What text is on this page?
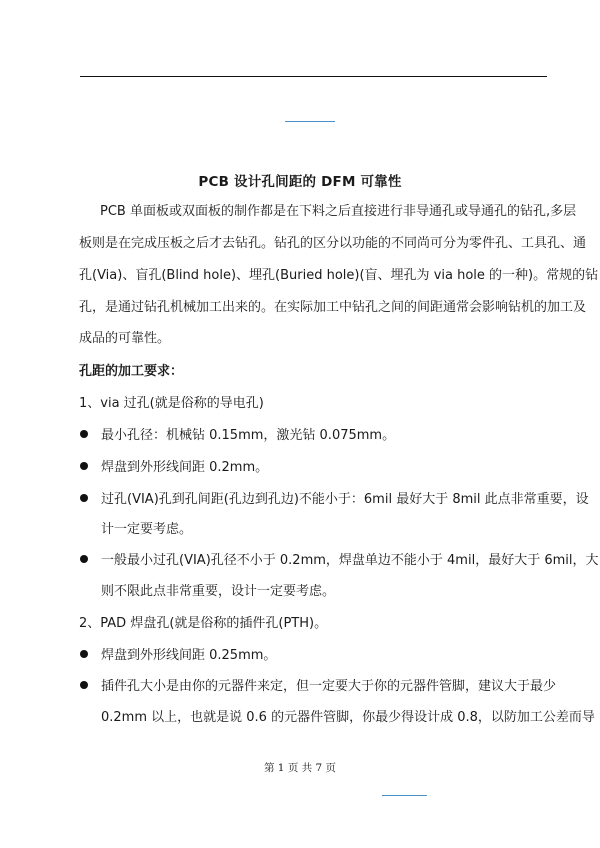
PCB 设计孔间距的 DFM 可靠性
PCB 单面板或双面板的制作都是在下料之后直接进行非导通孔或导通孔的钻孔,多层
板则是在完成压板之后才去钻孔。钻孔的区分以功能的不同尚可分为零件孔、工具孔、通
孔(Via)、盲孔(Blind hole)、埋孔(Buried hole)(盲、埋孔为 via hole 的一种)。常规的钻
孔，是通过钻孔机械加工出来的。在实际加工中钻孔之间的间距通常会影响钻机的加工及
成品的可靠性。
孔距的加工要求：
1、via 过孔(就是俗称的导电孔)
最小孔径：机械钻 0.15mm，激光钻 0.075mm。
焊盘到外形线间距 0.2mm。
过孔(VIA)孔到孔间距(孔边到孔边)不能小于：6mil 最好大于 8mil 此点非常重要，设
计一定要考虑。
一般最小过孔(VIA)孔径不小于 0.2mm，焊盘单边不能小于 4mil，最好大于 6mil，大
则不限此点非常重要，设计一定要考虑。
2、PAD 焊盘孔(就是俗称的插件孔(PTH)。
焊盘到外形线间距 0.25mm。
插件孔大小是由你的元器件来定，但一定要大于你的元器件管脚，建议大于最少
0.2mm 以上，也就是说 0.6 的元器件管脚，你最少得设计成 0.8，以防加工公差而导
第 1 页 共 7 页
